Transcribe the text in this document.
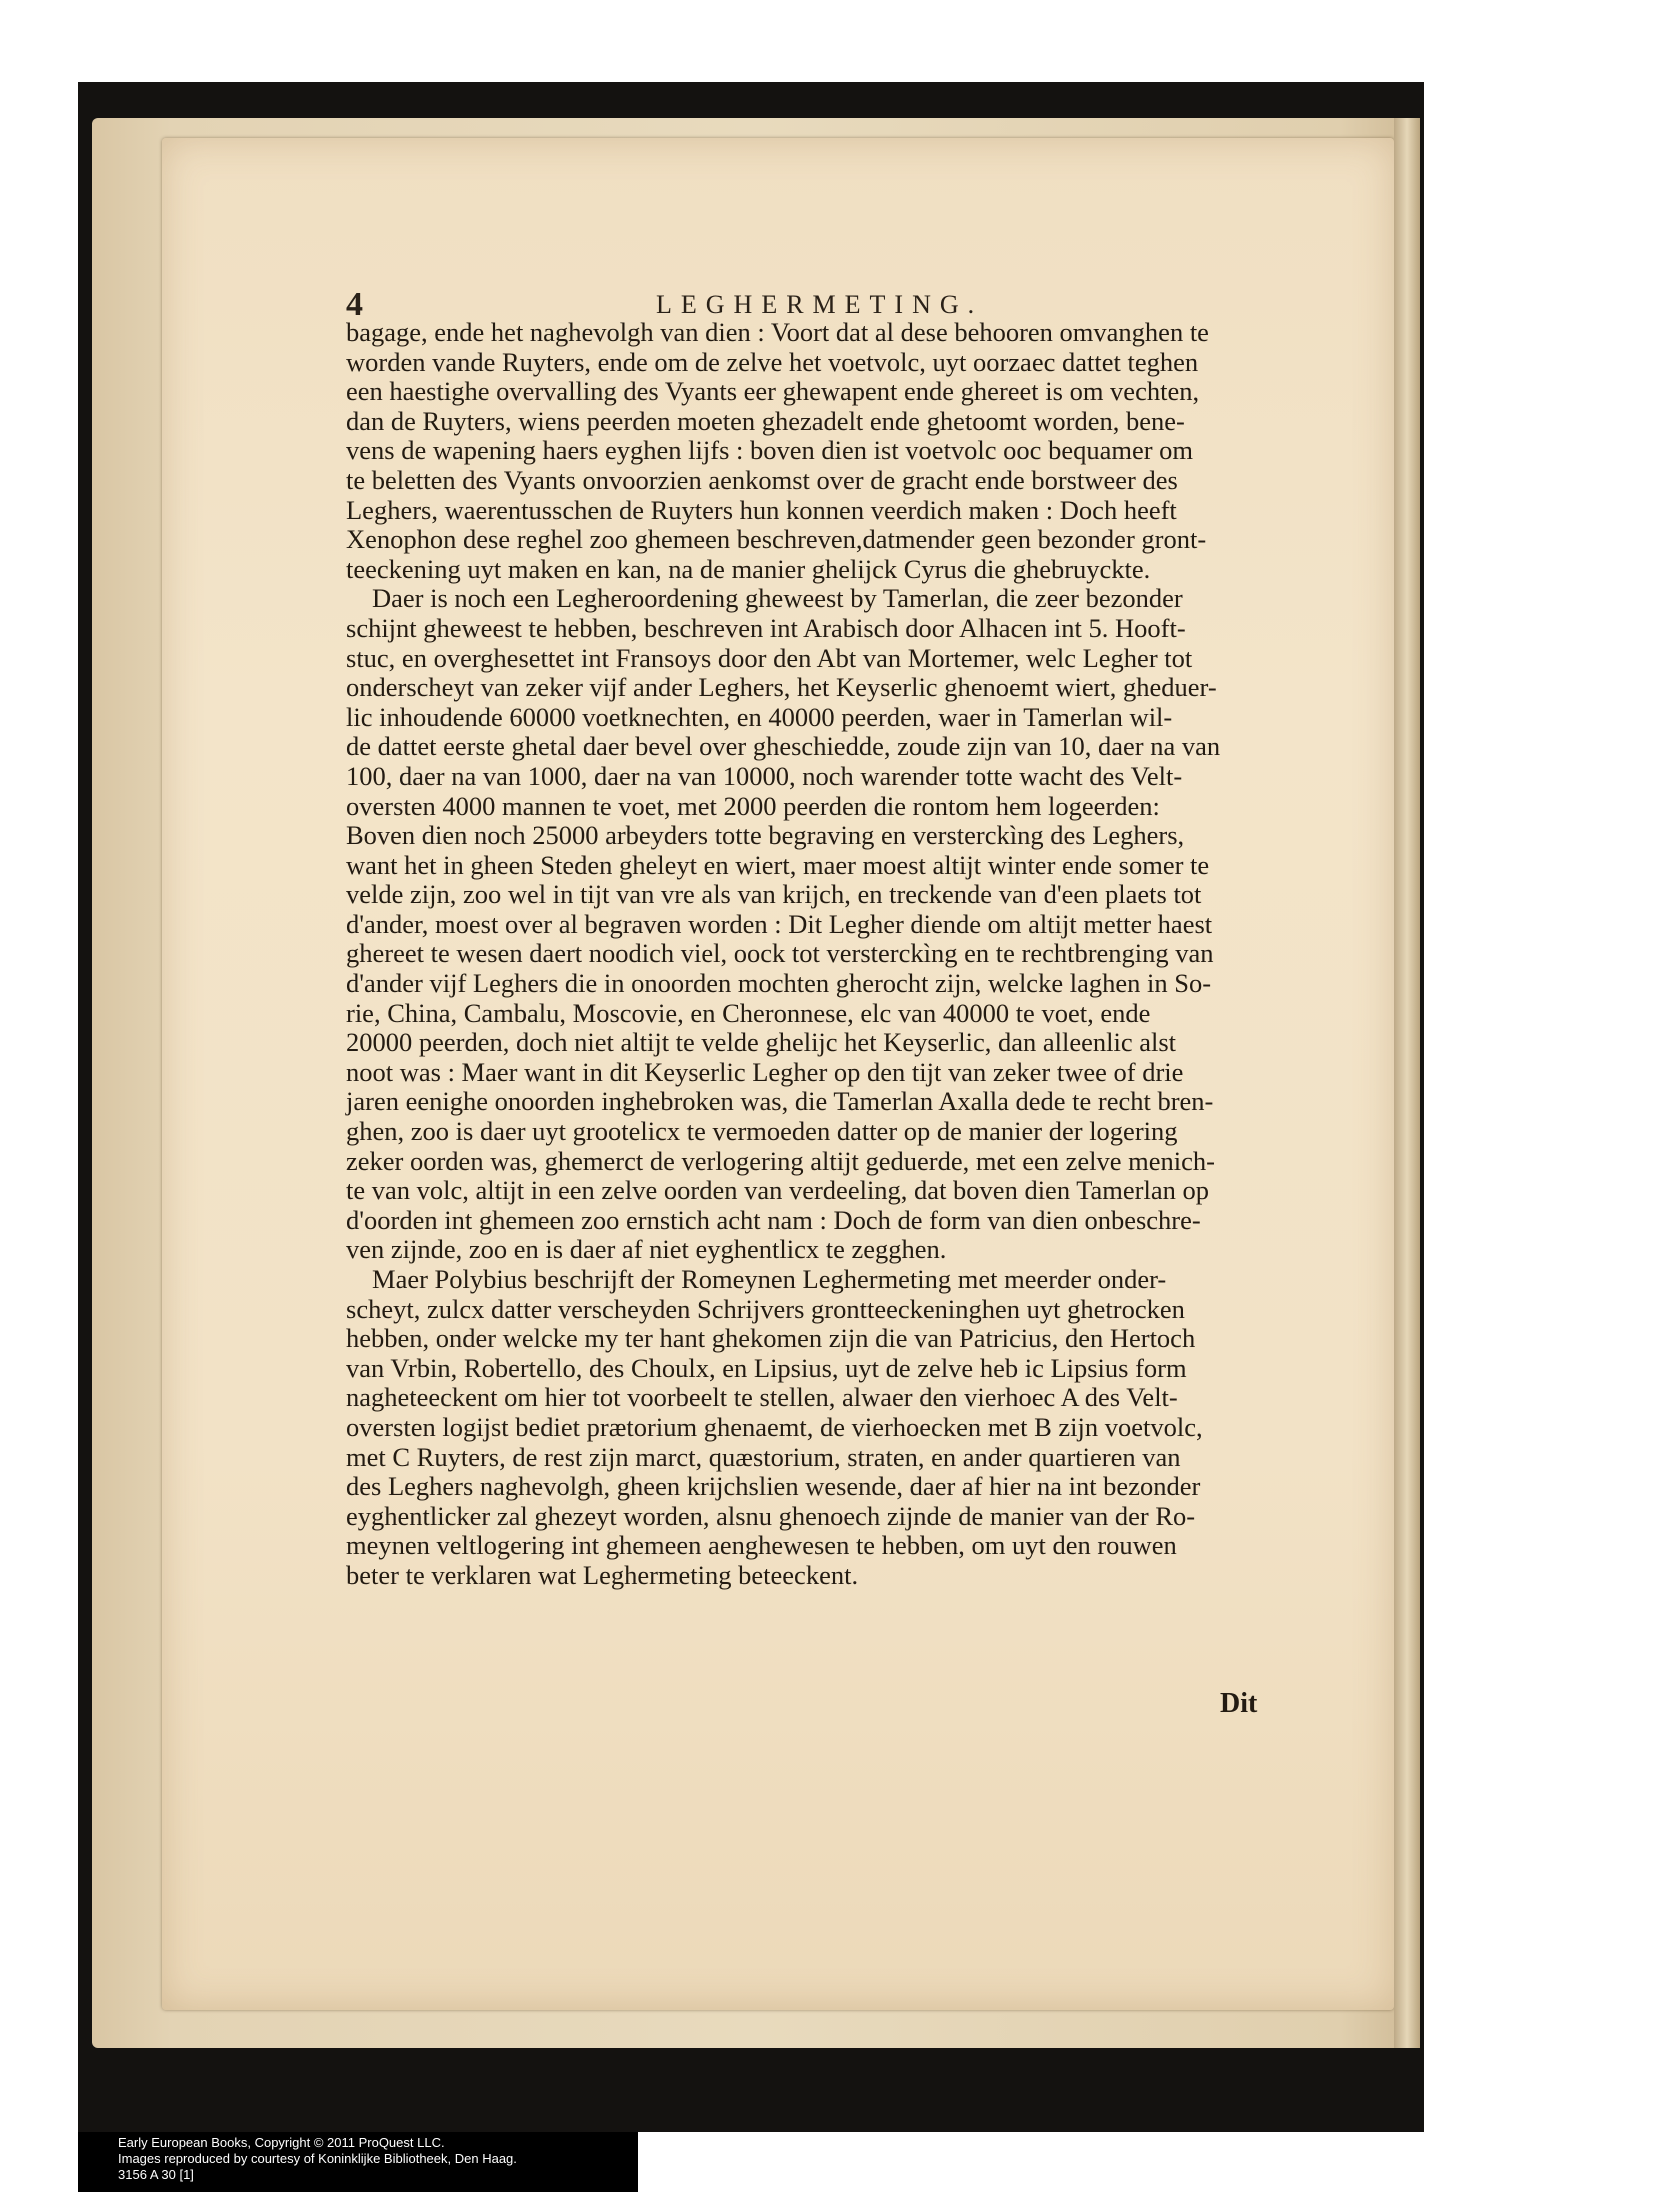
4	LEGHERMETING.

bagage, ende het naghevolgh van dien : Voort dat al dese behooren omvanghen te

worden vande Ruyters, ende om de zelve het voetvolc, uyt oorzaec dattet teghen

een haestighe overvalling des Vyants eer ghewapent ende ghereet is om vechten,

dan de Ruyters, wiens peerden moeten ghezadelt ende ghetoomt worden, bene-

vens de wapening haers eyghen lijfs : boven dien ist voetvolc ooc bequamer om

te beletten des Vyants onvoorzien aenkomst over de gracht ende borstweer des

Leghers, waerentusschen de Ruyters hun konnen veerdich maken : Doch heeft

Xenophon dese reghel zoo ghemeen beschreven,datmender geen bezonder gront-

teeckening uyt maken en kan, na de manier ghelijck Cyrus die ghebruyckte.

Daer is noch een Legheroordening gheweest by Tamerlan, die zeer bezonder

schijnt gheweest te hebben, beschreven int Arabisch door Alhacen int 5. Hooft-

stuc, en overghesettet int Fransoys door den Abt van Mortemer, welc Legher tot

onderscheyt van zeker vijf ander Leghers, het Keyserlic ghenoemt wiert, gheduer-

lic inhoudende 60000 voetknechten, en 40000 peerden, waer in Tamerlan wil-

de dattet eerste ghetal daer bevel over gheschiedde, zoude zijn van 10, daer na van

100, daer na van 1000, daer na van 10000, noch warender totte wacht des Velt-

oversten 4000 mannen te voet, met 2000 peerden die rontom hem logeerden:

Boven dien noch 25000 arbeyders totte begraving en versterckìng des Leghers,

want het in gheen Steden gheleyt en wiert, maer moest altijt winter ende somer te

velde zijn, zoo wel in tijt van vre als van krijch, en treckende van d'een plaets tot

d'ander, moest over al begraven worden : Dit Legher diende om altijt metter haest

ghereet te wesen daert noodich viel, oock tot versterckìng en te rechtbrenging van

d'ander vijf Leghers die in onoorden mochten gherocht zijn, welcke laghen in So-

rie, China, Cambalu, Moscovie, en Cheronnese, elc van 40000 te voet, ende

20000 peerden, doch niet altijt te velde ghelijc het Keyserlic, dan alleenlic alst

noot was : Maer want in dit Keyserlic Legher op den tijt van zeker twee of drie

jaren eenighe onoorden inghebroken was, die Tamerlan Axalla dede te recht bren-

ghen, zoo is daer uyt grootelicx te vermoeden datter op de manier der logering

zeker oorden was, ghemerct de verlogering altijt geduerde, met een zelve menich-

te van volc, altijt in een zelve oorden van verdeeling, dat boven dien Tamerlan op

d'oorden int ghemeen zoo ernstich acht nam : Doch de form van dien onbeschre-

ven zijnde, zoo en is daer af niet eyghentlicx te zegghen.

Maer Polybius beschrijft der Romeynen Leghermeting met meerder onder-

scheyt, zulcx datter verscheyden Schrijvers grontteeckeninghen uyt ghetrocken

hebben, onder welcke my ter hant ghekomen zijn die van Patricius, den Hertoch

van Vrbin, Robertello, des Choulx, en Lipsius, uyt de zelve heb ic Lipsius form

nagheteeckent om hier tot voorbeelt te stellen, alwaer den vierhoec A des Velt-

oversten logijst bediet prætorium ghenaemt, de vierhoecken met B zijn voetvolc,

met C Ruyters, de rest zijn marct, quæstorium, straten, en ander quartieren van

des Leghers naghevolgh, gheen krijchslien wesende, daer af hier na int bezonder

eyghentlicker zal ghezeyt worden, alsnu ghenoech zijnde de manier van der Ro-

meynen veltlogering int ghemeen aenghewesen te hebben, om uyt den rouwen

beter te verklaren wat Leghermeting beteeckent.

Dit
Early European Books, Copyright © 2011 ProQuest LLC.
Images reproduced by courtesy of Koninklijke Bibliotheek, Den Haag.
3156 A 30 [1]
